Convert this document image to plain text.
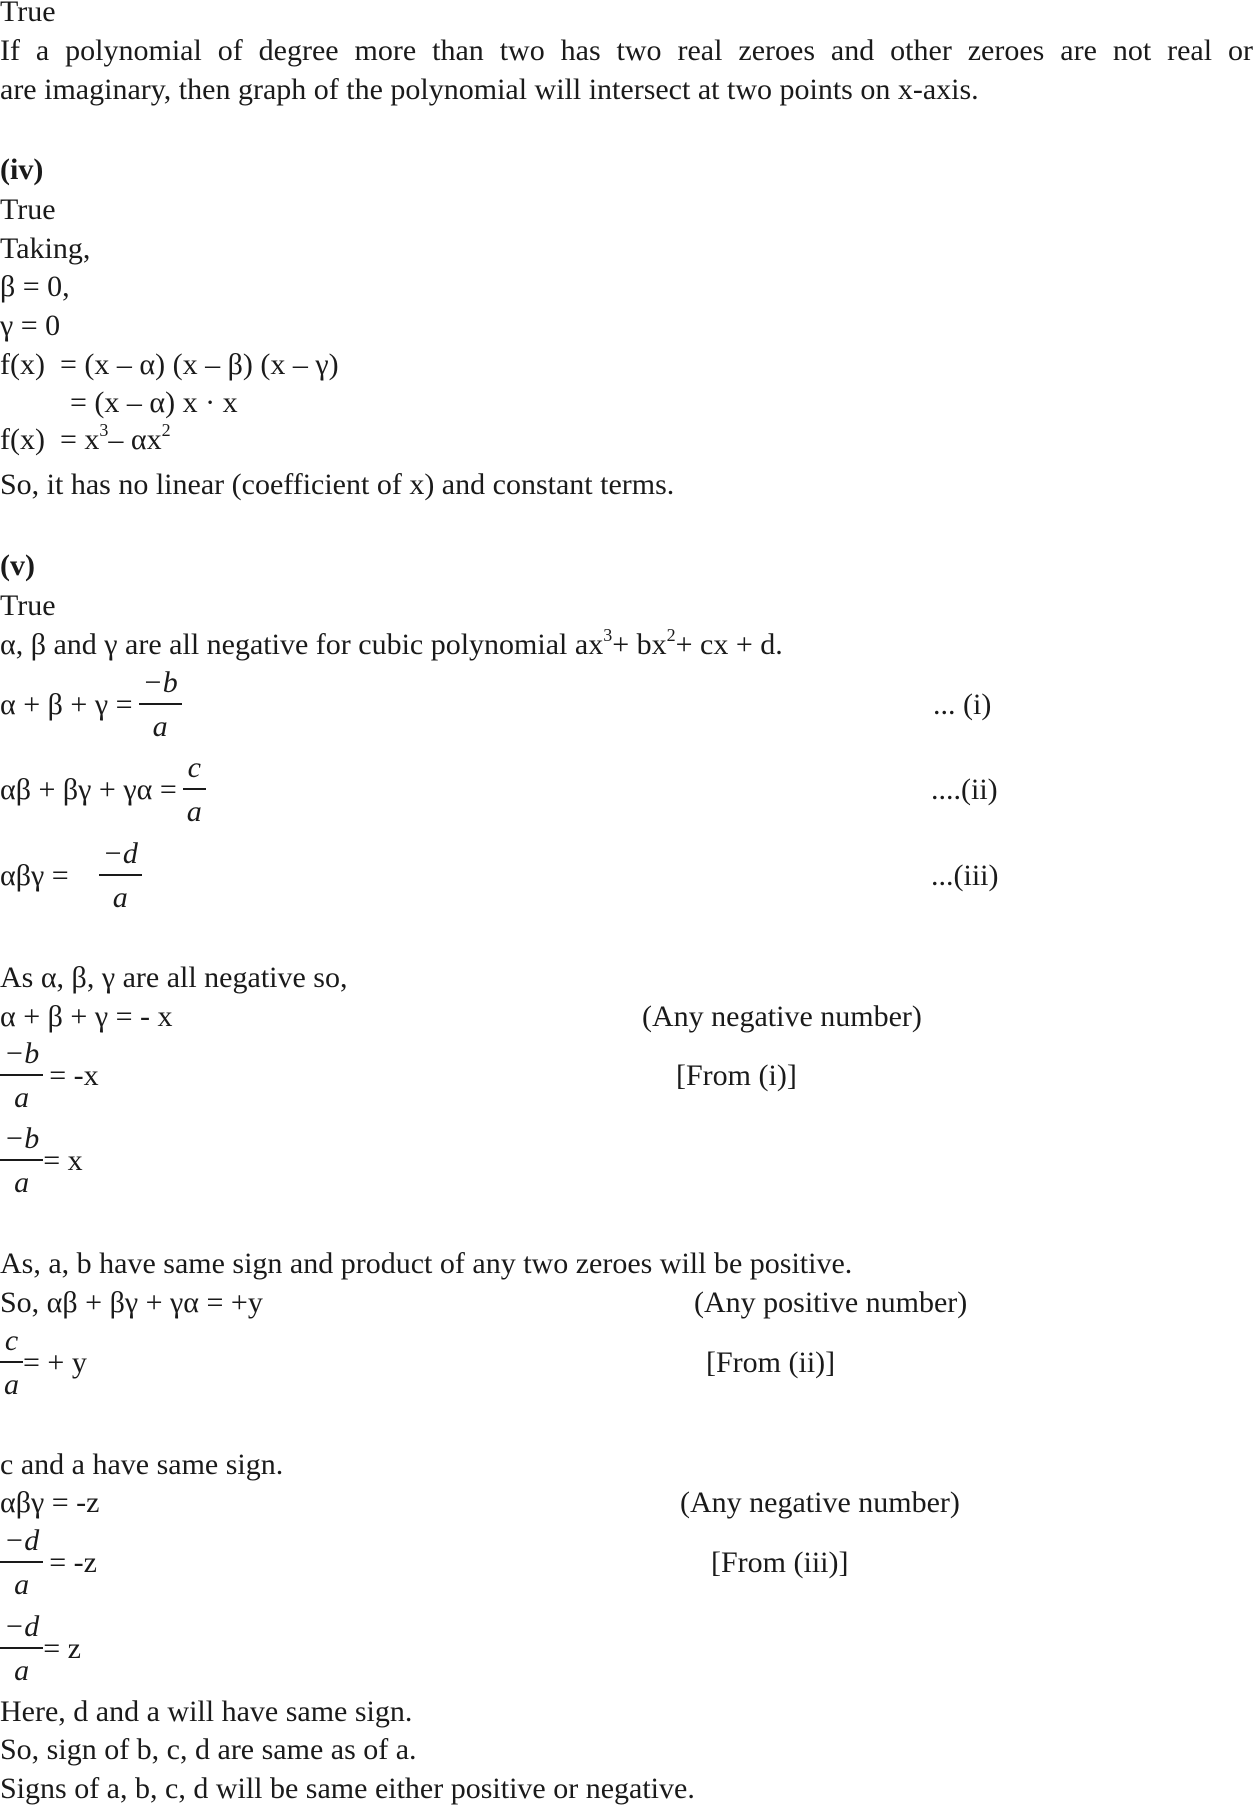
True
If a polynomial of degree more than two has two real zeroes and other zeroes are not real or
are imaginary, then graph of the polynomial will intersect at two points on x-axis.
(iv)
True
Taking,
β = 0,
γ = 0
f(x)  = (x – α) (x – β) (x – γ)
= (x – α) x · x
$f(x) = x^3-$ $\alpha x^2$
So, it has no linear (coefficient of x) and constant terms.
(v)
True
α, β and γ are all negative for cubic polynomial $ax^3+ bx^2+$ cx + d.
$\alpha + \beta + \gamma = \frac{-b}{a}$	... (i)
$\alpha\beta + \beta\gamma + \gamma\alpha = \frac{c}{a}$	....(ii)
$\alpha\beta\gamma = \frac{-d}{a}$	...(iii)
As α, β, γ are all negative so,
α + β + γ = - x	(Any negative number)
$\frac{-b}{a} = -x$	[From (i)]
$\frac{-b}{a} = x$
As, a, b have same sign and product of any two zeroes will be positive.
So, αβ + βγ + γα = +y	(Any positive number)
$\frac{c}{a}$ = + y	[From (ii)]
c and a have same sign.
αβγ = -z	(Any negative number)
$\frac{-d}{a} = -z$	[From (iii)]
$\frac{-d}{a} = z$
Here, d and a will have same sign.
So, sign of b, c, d are same as of a.
Signs of a, b, c, d will be same either positive or negative.
